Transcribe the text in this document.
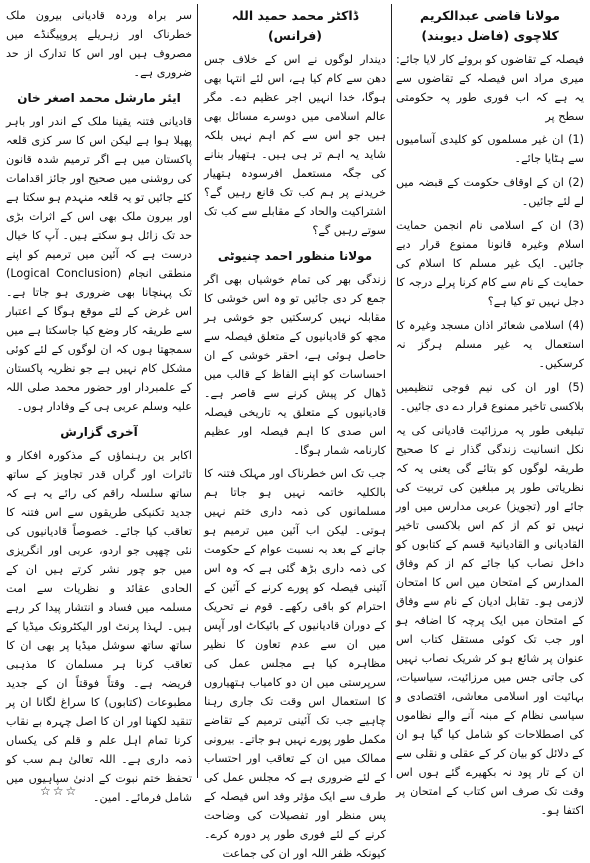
مولانا قاضی عبدالکریم کلاچوی (فاضل دیوبند)

فیصلہ کے تقاضوں کو بروئے کار لایا جائے: میری مراد اس فیصلہ کے تقاضوں سے یہ ہے کہ اب فوری طور پہ حکومتی سطح پر

(1) ان غیر مسلموں کو کلیدی آسامیوں سے ہٹایا جائے۔

(2) ان کے اوقاف حکومت کے قبضہ میں لے لئے جائیں۔

(3) ان کے اسلامی نام انجمن حمایت اسلام وغیرہ قانونا ممنوع قرار دیے جائیں۔ ایک غیر مسلم کا اسلام کی حمایت کے نام سے کام کرنا پرلے درجہ کا دجل نہیں تو کیا ہے؟

(4) اسلامی شعائر اذان مسجد وغیرہ کا استعمال یہ غیر مسلم ہرگز نہ کرسکیں۔

(5) اور ان کی نیم فوجی تنظیمیں بلاکسی تاخیر ممنوع قرار دے دی جائیں۔

تبلیغی طور پہ مرزائیت قادیانی کی یہ نکل انسانیت زندگی گذار نے کا صحیح طریقہ لوگوں کو بتائے گی یعنی یہ کہ نظریاتی طور پر مبلغین کی تربیت کی جائے اور (تجویز) عربی مدارس میں اور نہیں تو کم از کم اس بلاکسی تاخیر القادیانی و القادیانیۃ قسم کے کتابوں کو داخل نصاب کیا جائے کم از کم وفاق المدارس کے امتحان میں اس کا امتحان لازمی ہو۔ تقابل ادیان کے نام سے وفاق کے امتحان میں ایک پرچہ کا اضافہ ہو اور جب تک کوئی مستقل کتاب اس عنوان پر شائع ہو کر شریک نصاب نہیں کی جاتی جس میں مرزائیت، سیاسیات، بہائیت اور اسلامی معاشی، اقتصادی و سیاسی نظام کے مبنہ آنے والے نظاموں کی اصطلاحات کو شامل کیا گیا ہو ان کے دلائل کو بیان کر کے عقلی و نقلی سے ان کے تار پود نہ بکھیرے گئے ہوں اس وقت تک صرف اس کتاب کے امتحان پر اکتفا ہو۔

ڈاکٹر محمد حمید اللہ (فرانس)

دیندار لوگوں نے اس کے خلاف جس دھن سے کام کیا ہے، اس لئے انتہا بھی ہوگا، خدا انہیں اجر عظیم دے۔ مگر عالم اسلامی میں دوسرے مسائل بھی ہیں جو اس سے کم اہم نہیں بلکہ شاید یہ اہم تر ہی ہیں۔ ہتھیار بنانے کی جگہ مستعمل افرسودہ ہتھیار خریدنے پر ہم کب تک قانع رہیں گے؟ اشتراکیت والحاد کے مقابلے سے کب تک سوتے رہیں گے؟

مولانا منظور احمد چنیوٹی

زندگی بھر کی تمام خوشیاں بھی اگر جمع کر دی جائیں تو وہ اس خوشی کا مقابلہ نہیں کرسکتیں جو خوشی ہر مجھ کو قادیانیوں کے متعلق فیصلہ سے حاصل ہوئی ہے، احقر خوشی کے ان احساسات کو اپنے الفاظ کے قالب میں ڈھال کر پیش کرنے سے قاصر ہے۔ قادیانیوں کے متعلق یہ تاریخی فیصلہ اس صدی کا اہم فیصلہ اور عظیم کارنامہ شمار ہوگا۔

جب تک اس خطرناک اور مہلک فتنہ کا بالکلیہ خاتمہ نہیں ہو جاتا ہم مسلمانوں کی ذمہ داری ختم نہیں ہوتی۔ لیکن اب آئین میں ترمیم ہو جانے کے بعد بہ نسبت عوام کے حکومت کی ذمہ داری بڑھ گئی ہے کہ وہ اس آئینی فیصلہ کو پورے کرنے کے آئین کے احترام کو باقی رکھے۔ قوم نے تحریک کے دوران قادیانیوں کے بائیکاٹ اور آپس میں ان سے عدم تعاون کا نظیر مظاہرہ کیا ہے مجلس عمل کی سرپرستی میں ان دو کامیاب ہتھیاروں کا استعمال اس وقت تک جاری رہنا چاہیے جب تک آئینی ترمیم کے تقاضے مکمل طور پورے نہیں ہو جاتے۔ بیرونی ممالک میں ان کے تعاقب اور احتساب کے لئے ضروری ہے کہ مجلس عمل کی طرف سے ایک مؤثر وفد اس فیصلہ کے پس منظر اور تفصیلات کی وضاحت کرنے کے لئے فوری طور پر دورہ کرے۔ کیونکہ ظفر اللہ اور ان کی جماعت

سر براہ وردہ قادیانی بیرون ملک خطرناک اور زہریلے پروپیگنڈے میں مصروف ہیں اور اس کا تدارک از حد ضروری ہے۔

ایئر مارشل محمد اصغر خان

قادیانی فتنہ یقینا ملک کے اندر اور باہر پھیلا ہوا ہے لیکن اس کا سر کزی قلعہ پاکستان میں ہے اگر ترمیم شدہ قانون کی روشنی میں صحیح اور جائز اقدامات کئے جائیں تو یہ قلعہ منہدم ہو سکتا ہے اور بیرون ملک بھی اس کے اثرات بڑی حد تک زائل ہو سکتے ہیں۔ آپ کا خیال درست ہے کہ آئین میں ترمیم کو اپنے منطقی انجام (Logical Conclusion) تک پہنچانا بھی ضروری ہو جاتا ہے۔ اس غرض کے لئے موقع ہوگا کے اعتبار سے طریقہ کار وضع کیا جاسکتا ہے میں سمجھتا ہوں کہ ان لوگوں کے لئے کوئی مشکل کام نہیں ہے جو نظریہ پاکستان کے علمبردار اور حضور محمد صلی اللہ علیہ وسلم عربی ہی کے وفادار ہوں۔

آخری گزارش

اکابر ین رہنماؤں کے مذکورہ افکار و تاثرات اور گراں قدر تجاویز کے ساتھ ساتھ سلسلہ راقم کی رائے یہ ہے کہ جدید تکنیکی طریقوں سے اس فتنہ کا تعاقب کیا جائے۔ خصوصاً قادیانیوں کی نئی چھپی جو اردو، عربی اور انگریزی میں جو چور نشر کرتے ہیں ان کے الحادی عقائد و نظریات سے امت مسلمہ میں فساد و انتشار پیدا کر رہے ہیں۔ لہذا پرنٹ اور الیکٹرونک میڈیا کے ساتھ ساتھ سوشل میڈیا پر بھی ان کا تعاقب کرنا ہر مسلمان کا مذہبی فریضہ ہے۔ وقتاً فوقتاً ان کے جدید مطبوعات (کتابوں) کا سراغ لگانا ان پر تنقید لکھنا اور ان کا اصل چہرہ بے نقاب کرنا تمام اہل علم و قلم کی یکساں ذمہ داری ہے۔ اللہ تعالیٰ ہم سب کو تحفظ ختم نبوت کے ادنیٰ سپاہیوں میں شامل فرمائے۔ امین۔

☆☆☆
